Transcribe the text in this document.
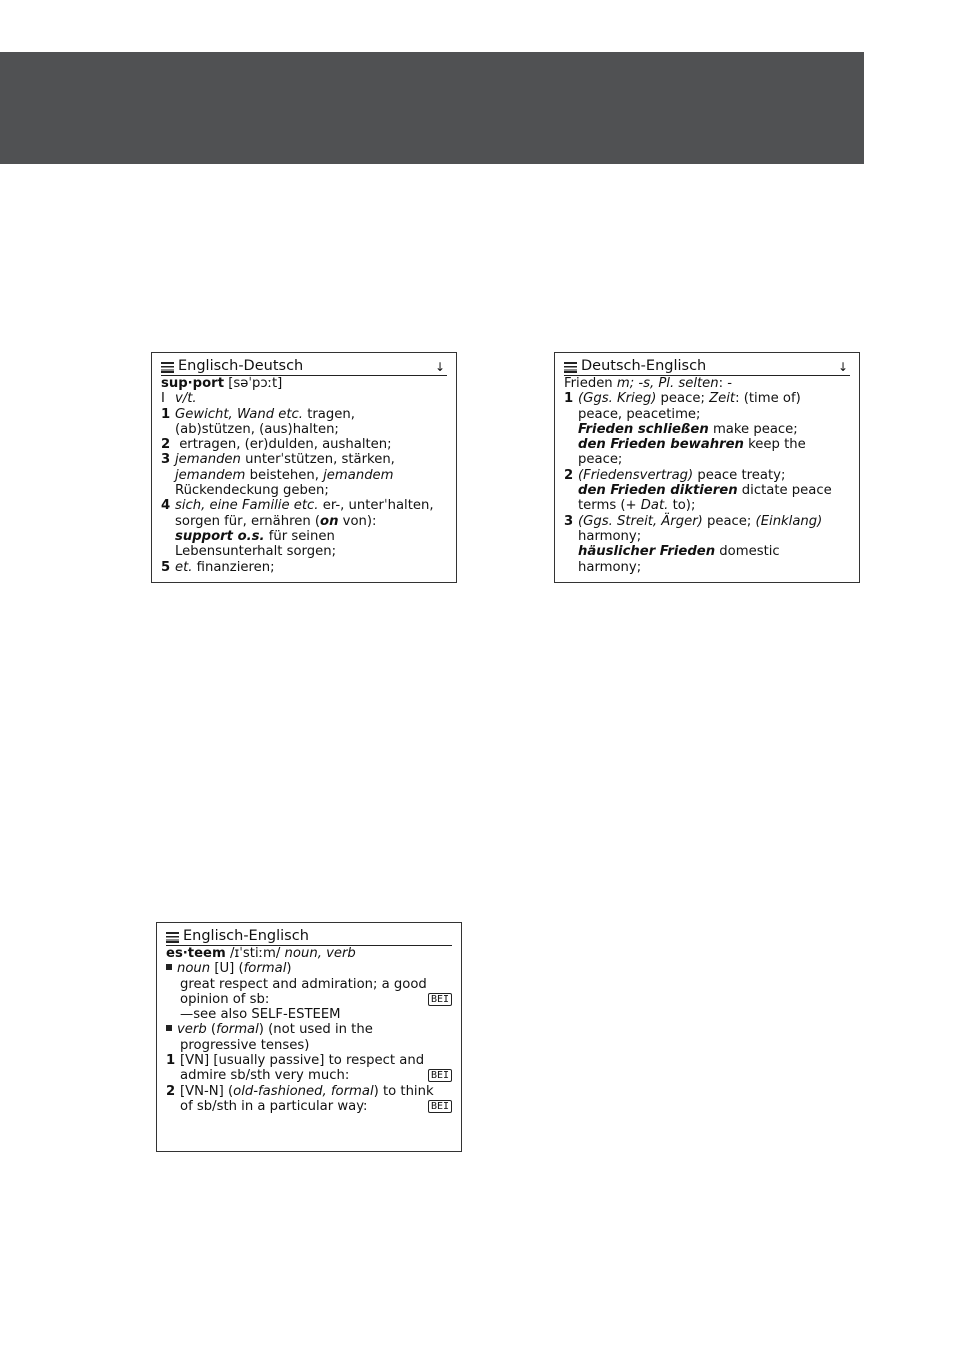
Englisch-Deutsch	↓
sup·port [səˈpɔːt]
I v/t.
1 Gewicht, Wand etc. tragen,
(ab)stützen, (aus)halten;
2 ertragen, (er)dulden, aushalten;
3 jemanden unterˈstützen, stärken,
jemandem beistehen, jemandem
Rückendeckung geben;
4 sich, eine Familie etc. er-, unterˈhalten,
sorgen für, ernähren (on von):
support o.s. für seinen
Lebensunterhalt sorgen;
5 et. finanzieren;
Deutsch-Englisch	↓
Frieden m; -s, Pl. selten: -
1 (Ggs. Krieg) peace; Zeit: (time of)
peace, peacetime;
Frieden schließen make peace;
den Frieden bewahren keep the
peace;
2 (Friedensvertrag) peace treaty;
den Frieden diktieren dictate peace
terms (+ Dat. to);
3 (Ggs. Streit, Ärger) peace; (Einklang)
harmony;
häuslicher Frieden domestic
harmony;
Englisch-Englisch
es·teem /ɪˈstiːm/ noun, verb
noun [U] (formal)
great respect and admiration; a good
opinion of sb:	BEI
—see also SELF-ESTEEM
verb (formal) (not used in the
progressive tenses)
1 [VN] [usually passive] to respect and
admire sb/sth very much:	BEI
2 [VN-N] (old-fashioned, formal) to think
of sb/sth in a particular way:	BEI
